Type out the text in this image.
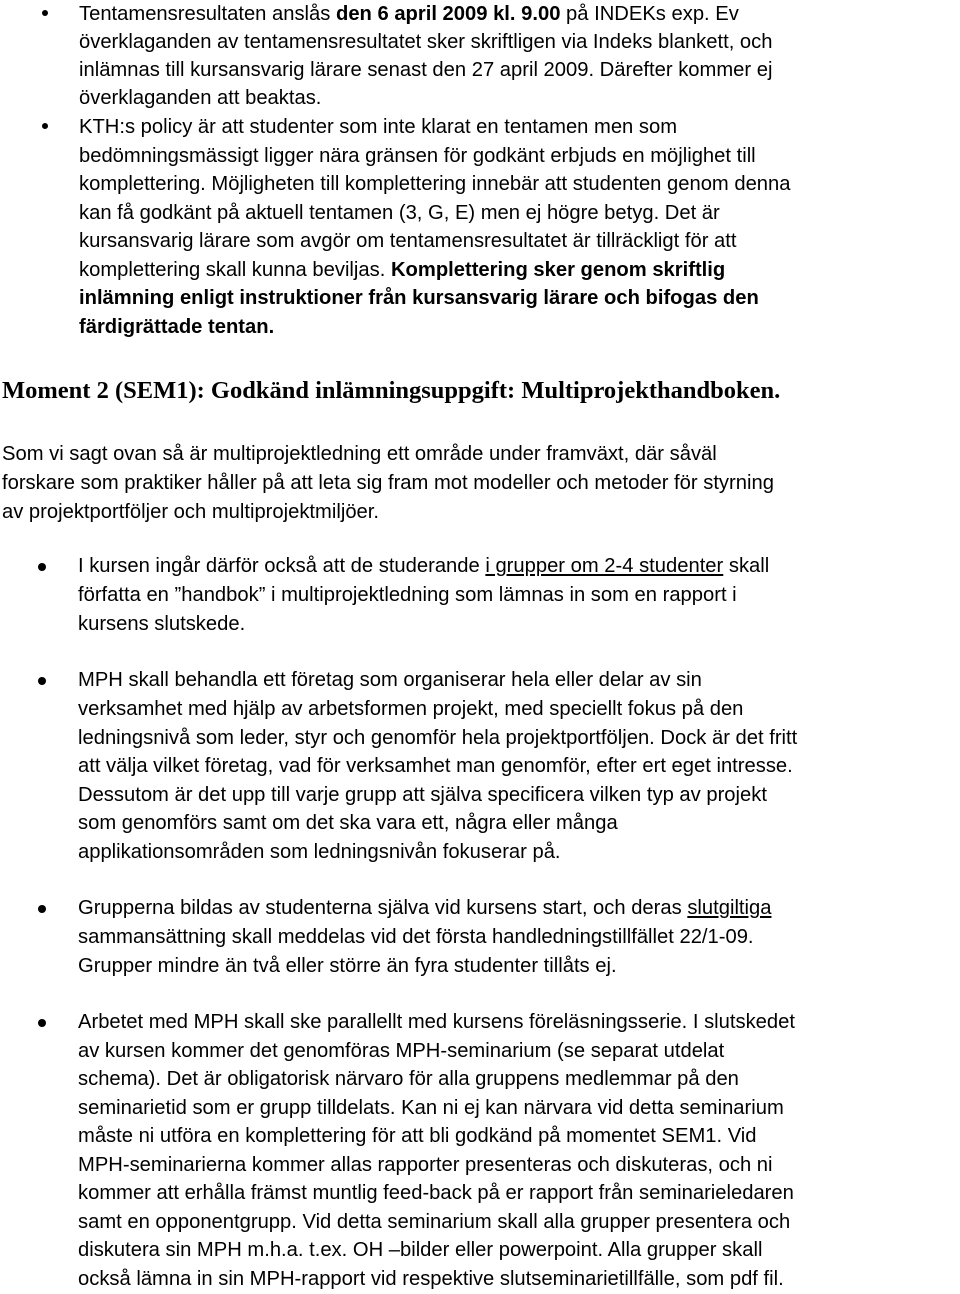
Tentamensresultaten anslås den 6 april 2009 kl. 9.00 på INDEKs exp. Ev
överklaganden av tentamensresultatet sker skriftligen via Indeks blankett, och
inlämnas till kursansvarig lärare senast den 27 april 2009. Därefter kommer ej
överklaganden att beaktas.
KTH:s policy är att studenter som inte klarat en tentamen men som
bedömningsmässigt ligger nära gränsen för godkänt erbjuds en möjlighet till
komplettering. Möjligheten till komplettering innebär att studenten genom denna
kan få godkänt på aktuell tentamen (3, G, E) men ej högre betyg. Det är
kursansvarig lärare som avgör om tentamensresultatet är tillräckligt för att
komplettering skall kunna beviljas. Komplettering sker genom skriftlig
inlämning enligt instruktioner från kursansvarig lärare och bifogas den
färdigrättade tentan.
Moment 2 (SEM1): Godkänd inlämningsuppgift: Multiprojekthandboken.
Som vi sagt ovan så är multiprojektledning ett område under framväxt, där såväl
forskare som praktiker håller på att leta sig fram mot modeller och metoder för styrning
av projektportföljer och multiprojektmiljöer.
I kursen ingår därför också att de studerande i grupper om 2-4 studenter skall
författa en ”handbok” i multiprojektledning som lämnas in som en rapport i
kursens slutskede.
MPH skall behandla ett företag som organiserar hela eller delar av sin
verksamhet med hjälp av arbetsformen projekt, med speciellt fokus på den
ledningsnivå som leder, styr och genomför hela projektportföljen. Dock är det fritt
att välja vilket företag, vad för verksamhet man genomför, efter ert eget intresse.
Dessutom är det upp till varje grupp att själva specificera vilken typ av projekt
som genomförs samt om det ska vara ett, några eller många
applikationsområden som ledningsnivån fokuserar på.
Grupperna bildas av studenterna själva vid kursens start, och deras slutgiltiga
sammansättning skall meddelas vid det första handledningstillfället 22/1-09.
Grupper mindre än två eller större än fyra studenter tillåts ej.
Arbetet med MPH skall ske parallellt med kursens föreläsningsserie. I slutskedet
av kursen kommer det genomföras MPH-seminarium (se separat utdelat
schema). Det är obligatorisk närvaro för alla gruppens medlemmar på den
seminarietid som er grupp tilldelats. Kan ni ej kan närvara vid detta seminarium
måste ni utföra en komplettering för att bli godkänd på momentet SEM1. Vid
MPH-seminarierna kommer allas rapporter presenteras och diskuteras, och ni
kommer att erhålla främst muntlig feed-back på er rapport från seminarieledaren
samt en opponentgrupp. Vid detta seminarium skall alla grupper presentera och
diskutera sin MPH m.h.a. t.ex. OH –bilder eller powerpoint. Alla grupper skall
också lämna in sin MPH-rapport vid respektive slutseminarietillfälle, som pdf fil.
